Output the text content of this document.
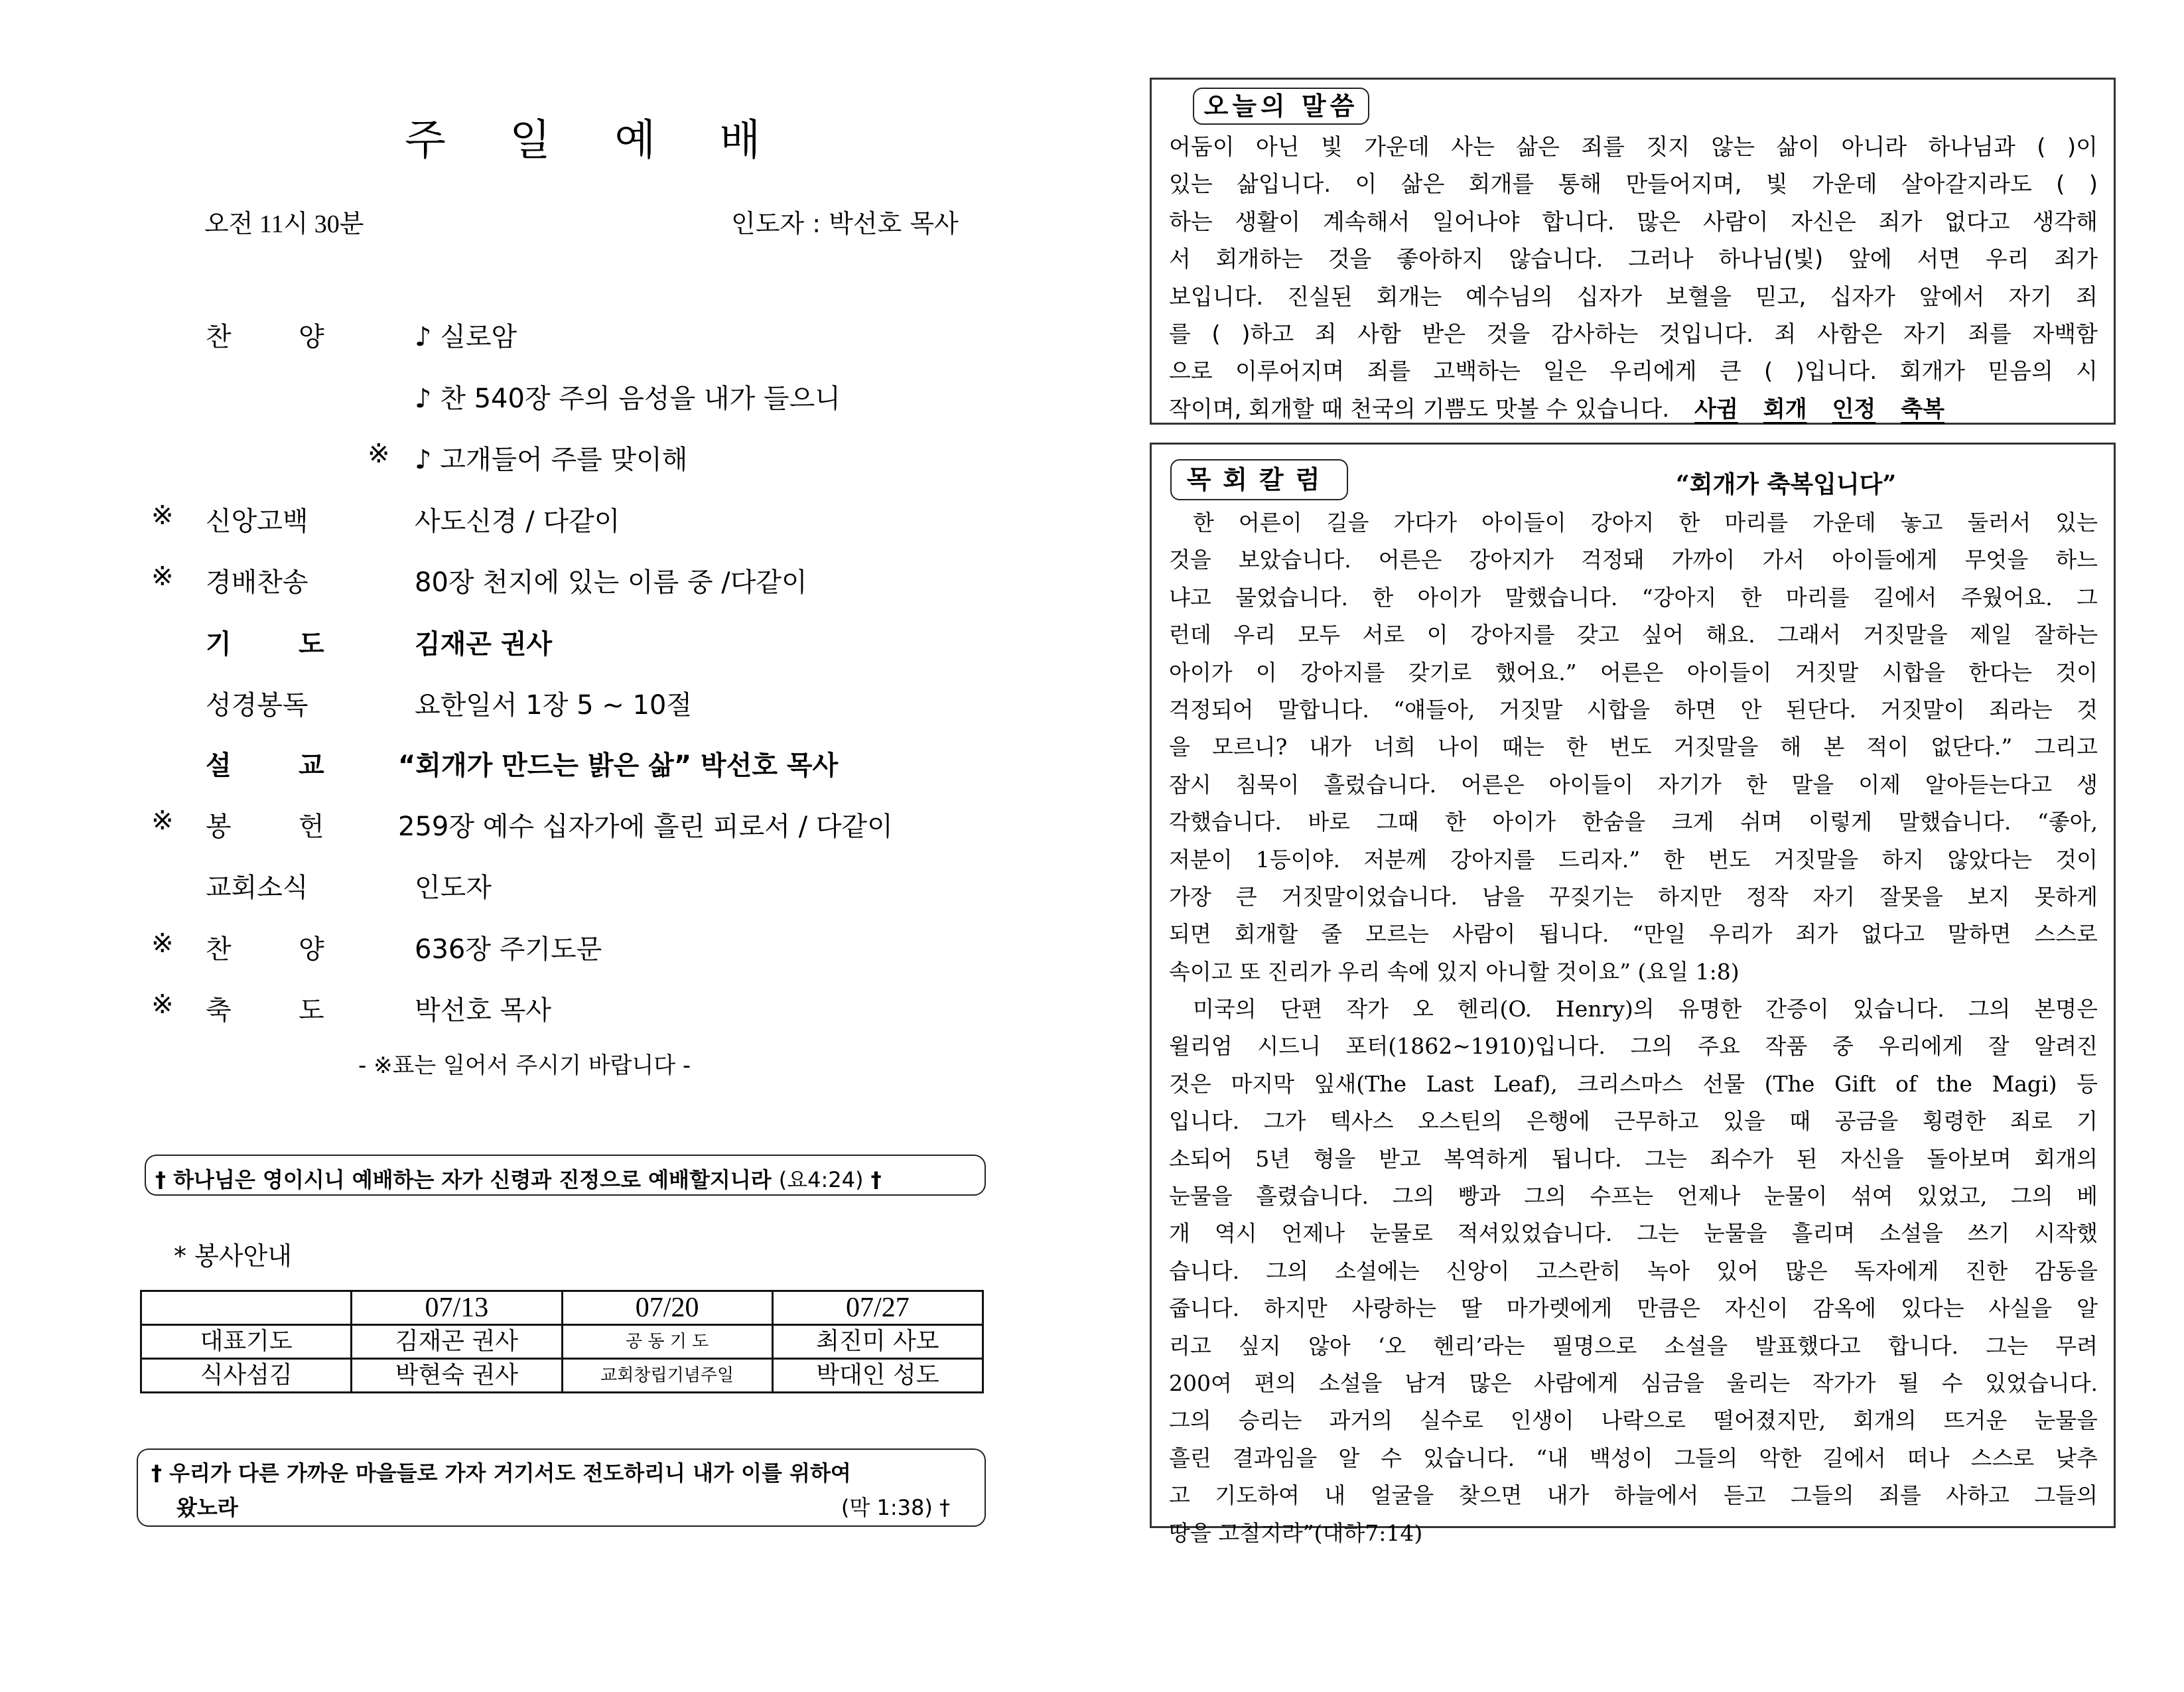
주 일 예 배
오전 11시 30분	인도자 : 박선호 목사
찬	양	♪ 실로암
♪ 찬 540장 주의 음성을 내가 들으니
※ ♪ 고개들어 주를 맞이해
※	신앙고백	사도신경 / 다같이
※	경배찬송	80장 천지에 있는 이름 중 /다같이
기	도	김재곤 권사
성경봉독	요한일서 1장 5 ~ 10절
설	교	“회개가 만드는 밝은 삶” 박선호 목사
※	봉	헌	259장 예수 십자가에 흘린 피로서 / 다같이
교회소식	인도자
※	찬	양	636장 주기도문
※	축	도	박선호 목사
- ※표는 일어서 주시기 바랍니다 -
† 하나님은 영이시니 예배하는 자가 신령과 진정으로 예배할지니라 (요4:24) †
* 봉사안내
	07/13	07/20	07/27
대표기도	김재곤 권사	공 동 기 도	최진미 사모
식사섬김	박현숙 권사	교회창립기념주일	박대인 성도
† 우리가 다른 가까운 마을들로 가자 거기서도 전도하리니 내가 이를 위하여
왔노라	(막 1:38) †
오늘의 말씀
어둠이 아닌 빛 가운데 사는 삶은 죄를 짓지 않는 삶이 아니라 하나님과 ( )이
있는 삶입니다. 이 삶은 회개를 통해 만들어지며, 빛 가운데 살아갈지라도 ( )
하는 생활이 계속해서 일어나야 합니다. 많은 사람이 자신은 죄가 없다고 생각해
서 회개하는 것을 좋아하지 않습니다. 그러나 하나님(빛) 앞에 서면 우리 죄가
보입니다. 진실된 회개는 예수님의 십자가 보혈을 믿고, 십자가 앞에서 자기 죄
를 ( )하고 죄 사함 받은 것을 감사하는 것입니다. 죄 사함은 자기 죄를 자백함
으로 이루어지며 죄를 고백하는 일은 우리에게 큰 ( )입니다. 회개가 믿음의 시
작이며, 회개할 때 천국의 기쁨도 맛볼 수 있습니다. 사귐 회개 인정 축복
목회칼럼	“회개가 축복입니다”
한 어른이 길을 가다가 아이들이 강아지 한 마리를 가운데 놓고 둘러서 있는
것을 보았습니다. 어른은 강아지가 걱정돼 가까이 가서 아이들에게 무엇을 하느
냐고 물었습니다. 한 아이가 말했습니다. “강아지 한 마리를 길에서 주웠어요. 그
런데 우리 모두 서로 이 강아지를 갖고 싶어 해요. 그래서 거짓말을 제일 잘하는
아이가 이 강아지를 갖기로 했어요.” 어른은 아이들이 거짓말 시합을 한다는 것이
걱정되어 말합니다. “얘들아, 거짓말 시합을 하면 안 된단다. 거짓말이 죄라는 것
을 모르니? 내가 너희 나이 때는 한 번도 거짓말을 해 본 적이 없단다.” 그리고
잠시 침묵이 흘렀습니다. 어른은 아이들이 자기가 한 말을 이제 알아듣는다고 생
각했습니다. 바로 그때 한 아이가 한숨을 크게 쉬며 이렇게 말했습니다. “좋아,
저분이 1등이야. 저분께 강아지를 드리자.” 한 번도 거짓말을 하지 않았다는 것이
가장 큰 거짓말이었습니다. 남을 꾸짖기는 하지만 정작 자기 잘못을 보지 못하게
되면 회개할 줄 모르는 사람이 됩니다. “만일 우리가 죄가 없다고 말하면 스스로
속이고 또 진리가 우리 속에 있지 아니할 것이요” (요일 1:8)
미국의 단편 작가 오 헨리(O. Henry)의 유명한 간증이 있습니다. 그의 본명은
윌리엄 시드니 포터(1862~1910)입니다. 그의 주요 작품 중 우리에게 잘 알려진
것은 마지막 잎새(The Last Leaf), 크리스마스 선물 (The Gift of the Magi) 등
입니다. 그가 텍사스 오스틴의 은행에 근무하고 있을 때 공금을 횡령한 죄로 기
소되어 5년 형을 받고 복역하게 됩니다. 그는 죄수가 된 자신을 돌아보며 회개의
눈물을 흘렸습니다. 그의 빵과 그의 수프는 언제나 눈물이 섞여 있었고, 그의 베
개 역시 언제나 눈물로 적셔있었습니다. 그는 눈물을 흘리며 소설을 쓰기 시작했
습니다. 그의 소설에는 신앙이 고스란히 녹아 있어 많은 독자에게 진한 감동을
줍니다. 하지만 사랑하는 딸 마가렛에게 만큼은 자신이 감옥에 있다는 사실을 알
리고 싶지 않아 ‘오 헨리’라는 필명으로 소설을 발표했다고 합니다. 그는 무려
200여 편의 소설을 남겨 많은 사람에게 심금을 울리는 작가가 될 수 있었습니다.
그의 승리는 과거의 실수로 인생이 나락으로 떨어졌지만, 회개의 뜨거운 눈물을
흘린 결과임을 알 수 있습니다. “내 백성이 그들의 악한 길에서 떠나 스스로 낮추
고 기도하여 내 얼굴을 찾으면 내가 하늘에서 듣고 그들의 죄를 사하고 그들의
땅을 고칠지라”(대하7:14)
